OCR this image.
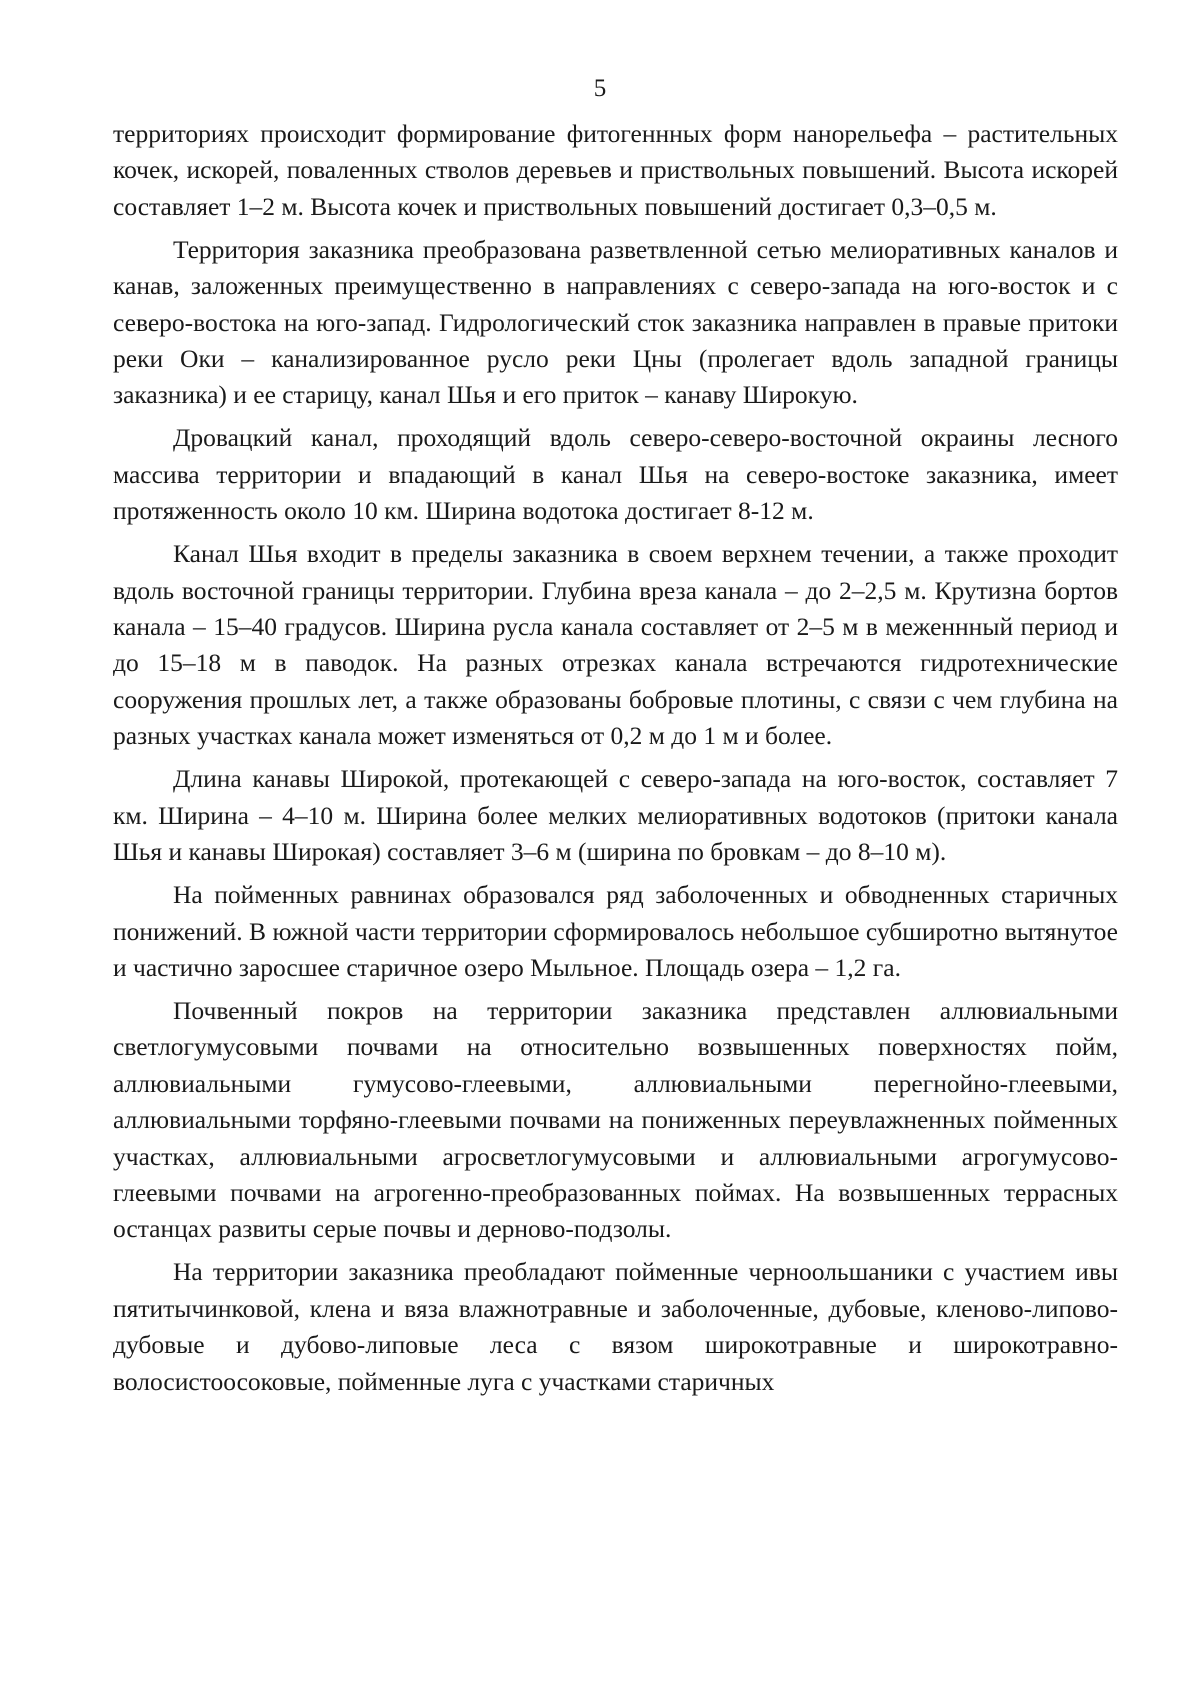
5

территориях происходит формирование фитогеннных форм нанорельефа – растительных кочек, искорей, поваленных стволов деревьев и приствольных повышений. Высота искорей составляет 1–2 м. Высота кочек и приствольных повышений достигает 0,3–0,5 м.

Территория заказника преобразована разветвленной сетью мелиоративных каналов и канав, заложенных преимущественно в направлениях с северо-запада на юго-восток и с северо-востока на юго-запад. Гидрологический сток заказника направлен в правые притоки реки Оки – канализированное русло реки Цны (пролегает вдоль западной границы заказника) и ее старицу, канал Шья и его приток – канаву Широкую.

Дровацкий канал, проходящий вдоль северо-северо-восточной окраины лесного массива территории и впадающий в канал Шья на северо-востоке заказника, имеет протяженность около 10 км. Ширина водотока достигает 8-12 м.

Канал Шья входит в пределы заказника в своем верхнем течении, а также проходит вдоль восточной границы территории. Глубина вреза канала – до 2–2,5 м. Крутизна бортов канала – 15–40 градусов. Ширина русла канала составляет от 2–5 м в меженнный период и до 15–18 м в паводок. На разных отрезках канала встречаются гидротехнические сооружения прошлых лет, а также образованы бобровые плотины, с связи с чем глубина на разных участках канала может изменяться от 0,2 м до 1 м и более.

Длина канавы Широкой, протекающей с северо-запада на юго-восток, составляет 7 км. Ширина – 4–10 м. Ширина более мелких мелиоративных водотоков (притоки канала Шья и канавы Широкая) составляет 3–6 м (ширина по бровкам – до 8–10 м).

На пойменных равнинах образовался ряд заболоченных и обводненных старичных понижений. В южной части территории сформировалось небольшое субширотно вытянутое и частично заросшее старичное озеро Мыльное. Площадь озера – 1,2 га.

Почвенный покров на территории заказника представлен аллювиальными светлогумусовыми почвами на относительно возвышенных поверхностях пойм, аллювиальными гумусово-глеевыми, аллювиальными перегнойно-глеевыми, аллювиальными торфяно-глеевыми почвами на пониженных переувлажненных пойменных участках, аллювиальными агросветлогумусовыми и аллювиальными агрогумусово-глеевыми почвами на агрогенно-преобразованных поймах. На возвышенных террасных останцах развиты серые почвы и дерново-подзолы.

На территории заказника преобладают пойменные черноольшаники с участием ивы пятитычинковой, клена и вяза влажнотравные и заболоченные, дубовые, кленово-липово-дубовые и дубово-липовые леса с вязом широкотравные и широкотравно-волосистоосоковые, пойменные луга с участками старичных
